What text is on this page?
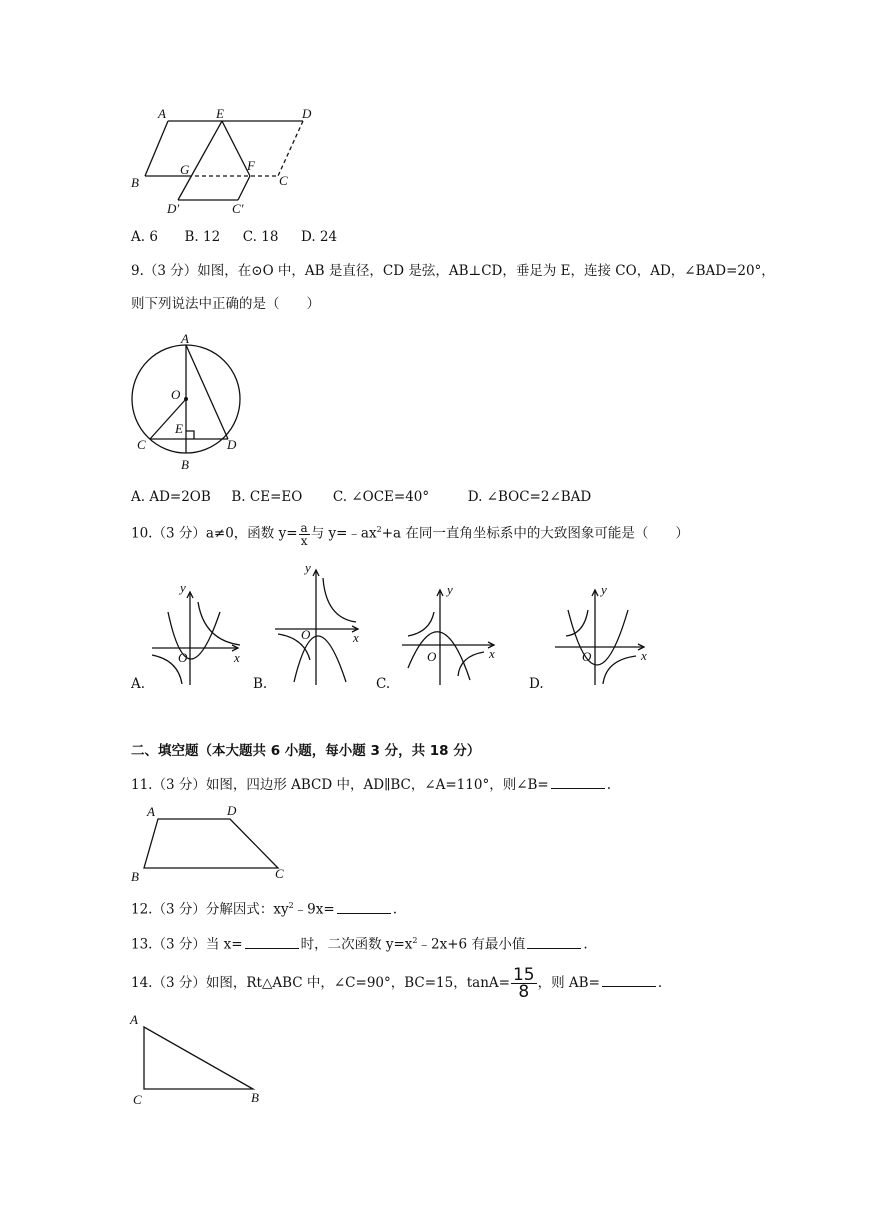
A	E	D
B
G	F
C
D′	C′
A. 6 B. 12 C. 18 D. 24
9.（3 分）如图，在⊙O 中，AB 是直径，CD 是弦，AB⊥CD，垂足为 E，连接 CO，AD，∠BAD=20°，
则下列说法中正确的是（　　）
A
O
E
C	D
B
A. AD=2OB B. CE=EO C. ∠OCE=40°	D. ∠BOC=2∠BAD
10.（3 分）a≠0，函数 $y= \frac{a}{x}$ 与 $y=﹣ax^2+a$ 在同一直角坐标系中的大致图象可能是（　　）
y
x
O
y
x
O
y
x
O
y
x
O
A.	B.	C.	D.
二、填空题（本大题共 6 小题，每小题 3 分，共 18 分）
11.（3 分）如图，四边形 ABCD 中，AD∥BC，∠A=110°，则∠B=	.
A	D
B	C
12.（3 分）分解因式：$xy^2﹣9x=$	.
13.（3 分）当 x=	时，二次函数 $y=x^2﹣2x+6$ 有最小值	.
14.（3 分）如图，Rt△ABC 中，∠C=90°，BC=15，$\tan A= \frac{15}{8}$ ，则 AB=	.
A
C	B
